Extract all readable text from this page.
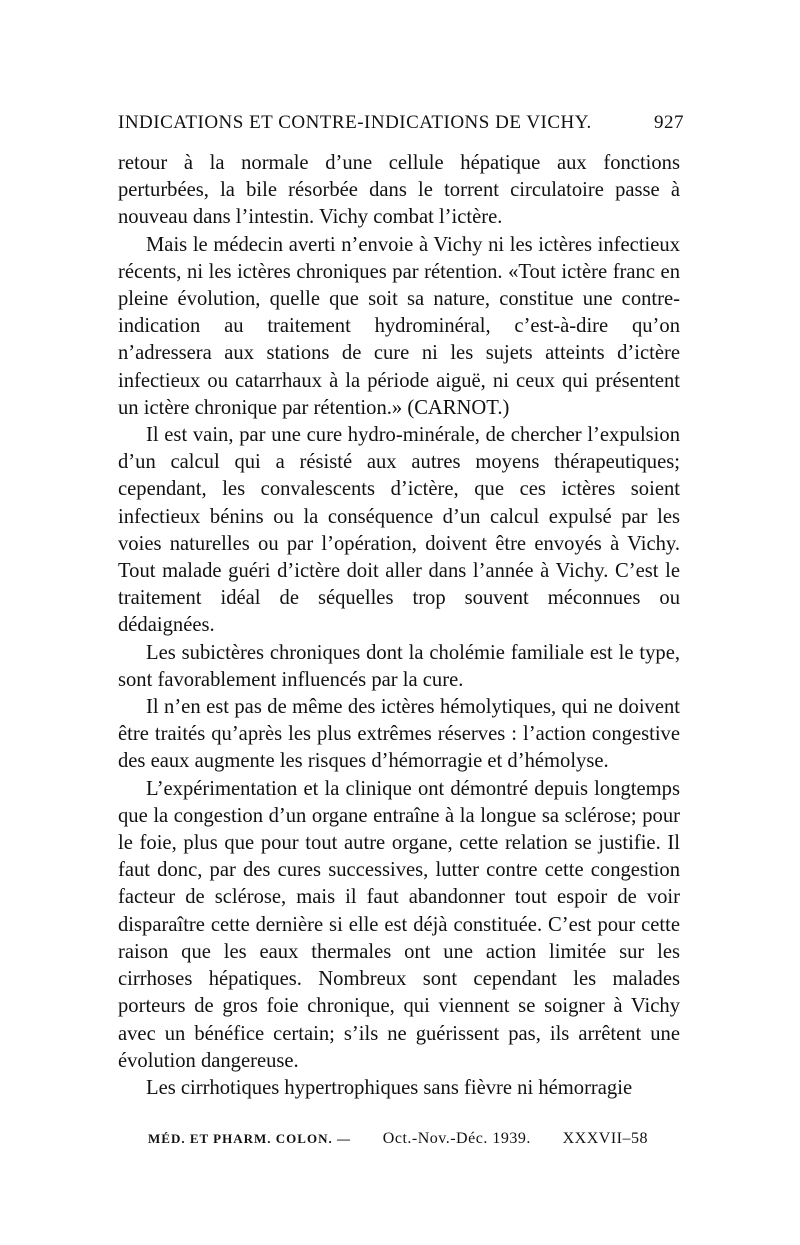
INDICATIONS ET CONTRE-INDICATIONS DE VICHY.	927

retour à la normale d’une cellule hépatique aux fonctions perturbées, la bile résorbée dans le torrent circulatoire passe à nouveau dans l’intestin. Vichy combat l’ictère.

Mais le médecin averti n’envoie à Vichy ni les ictères infectieux récents, ni les ictères chroniques par rétention. «Tout ictère franc en pleine évolution, quelle que soit sa nature, constitue une contre-indication au traitement hydrominéral, c’est-à-dire qu’on n’adressera aux stations de cure ni les sujets atteints d’ictère infectieux ou catarrhaux à la période aiguë, ni ceux qui présentent un ictère chronique par rétention.» (CARNOT.)

Il est vain, par une cure hydro-minérale, de chercher l’expulsion d’un calcul qui a résisté aux autres moyens thérapeutiques; cependant, les convalescents d’ictère, que ces ictères soient infectieux bénins ou la conséquence d’un calcul expulsé par les voies naturelles ou par l’opération, doivent être envoyés à Vichy. Tout malade guéri d’ictère doit aller dans l’année à Vichy. C’est le traitement idéal de séquelles trop souvent méconnues ou dédaignées.

Les subictères chroniques dont la cholémie familiale est le type, sont favorablement influencés par la cure.

Il n’en est pas de même des ictères hémolytiques, qui ne doivent être traités qu’après les plus extrêmes réserves : l’action congestive des eaux augmente les risques d’hémorragie et d’hémolyse.

L’expérimentation et la clinique ont démontré depuis longtemps que la congestion d’un organe entraîne à la longue sa sclérose; pour le foie, plus que pour tout autre organe, cette relation se justifie. Il faut donc, par des cures successives, lutter contre cette congestion facteur de sclérose, mais il faut abandonner tout espoir de voir disparaître cette dernière si elle est déjà constituée. C’est pour cette raison que les eaux thermales ont une action limitée sur les cirrhoses hépatiques. Nombreux sont cependant les malades porteurs de gros foie chronique, qui viennent se soigner à Vichy avec un bénéfice certain; s’ils ne guérissent pas, ils arrêtent une évolution dangereuse.

Les cirrhotiques hypertrophiques sans fièvre ni hémorragie

MÉD. ET PHARM. COLON. — Oct.-Nov.-Déc. 1939. XXXVII–58
